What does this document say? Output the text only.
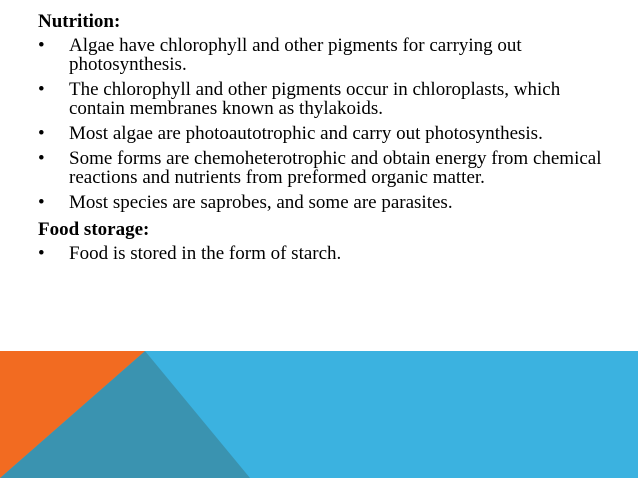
Nutrition:

• Algae have chlorophyll and other pigments for carrying out photosynthesis.
• The chlorophyll and other pigments occur in chloroplasts, which contain membranes known as thylakoids.
• Most algae are photoautotrophic and carry out photosynthesis.
• Some forms are chemoheterotrophic and obtain energy from chemical reactions and nutrients from preformed organic matter.
• Most species are saprobes, and some are parasites.

Food storage:

• Food is stored in the form of starch.
